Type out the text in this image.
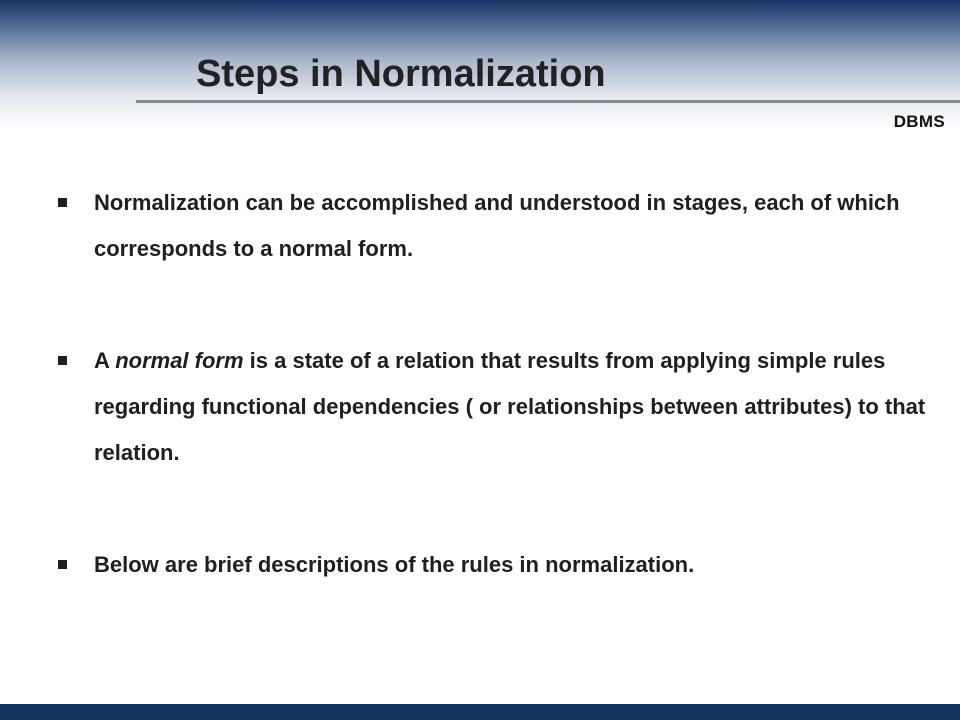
Steps in Normalization
DBMS
Normalization can be accomplished and understood in stages, each of which corresponds to a normal form.
A normal form is a state of a relation that results from applying simple rules regarding functional dependencies ( or relationships between attributes) to that relation.
Below are brief descriptions of the rules in normalization.
